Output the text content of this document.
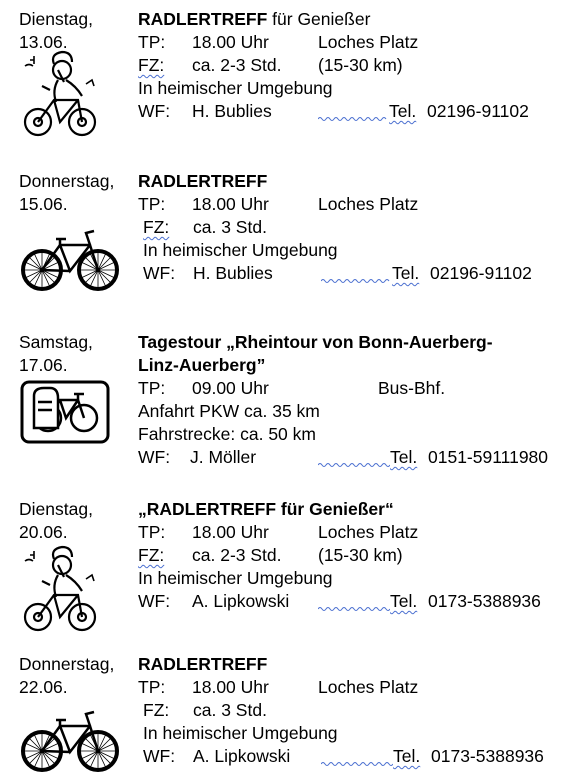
Dienstag,
13.06.
RADLERTREFF für Genießer
TP: 18.00 Uhr	Loches Platz
FZ: ca. 2-3 Std. (15-30 km)
In heimischer Umgebung
WF: H. Bublies	Tel. 02196-91102
Donnerstag,
15.06.
RADLERTREFF
TP: 18.00 Uhr	Loches Platz
FZ: ca. 3 Std.
In heimischer Umgebung
WF: H. Bublies	Tel. 02196-91102
Samstag,
17.06.
Tagestour „Rheintour von Bonn-Auerberg-
Linz-Auerberg”
TP: 09.00 Uhr	Bus-Bhf.
Anfahrt PKW ca. 35 km
Fahrstrecke: ca. 50 km
WF: J. Möller	Tel. 0151-59111980
Dienstag,
20.06.
„RADLERTREFF für Genießer“
TP: 18.00 Uhr	Loches Platz
FZ: ca. 2-3 Std. (15-30 km)
In heimischer Umgebung
WF: A. Lipkowski	Tel. 0173-5388936
Donnerstag,
22.06.
RADLERTREFF
TP: 18.00 Uhr	Loches Platz
FZ: ca. 3 Std.
In heimischer Umgebung
WF: A. Lipkowski	Tel. 0173-5388936
